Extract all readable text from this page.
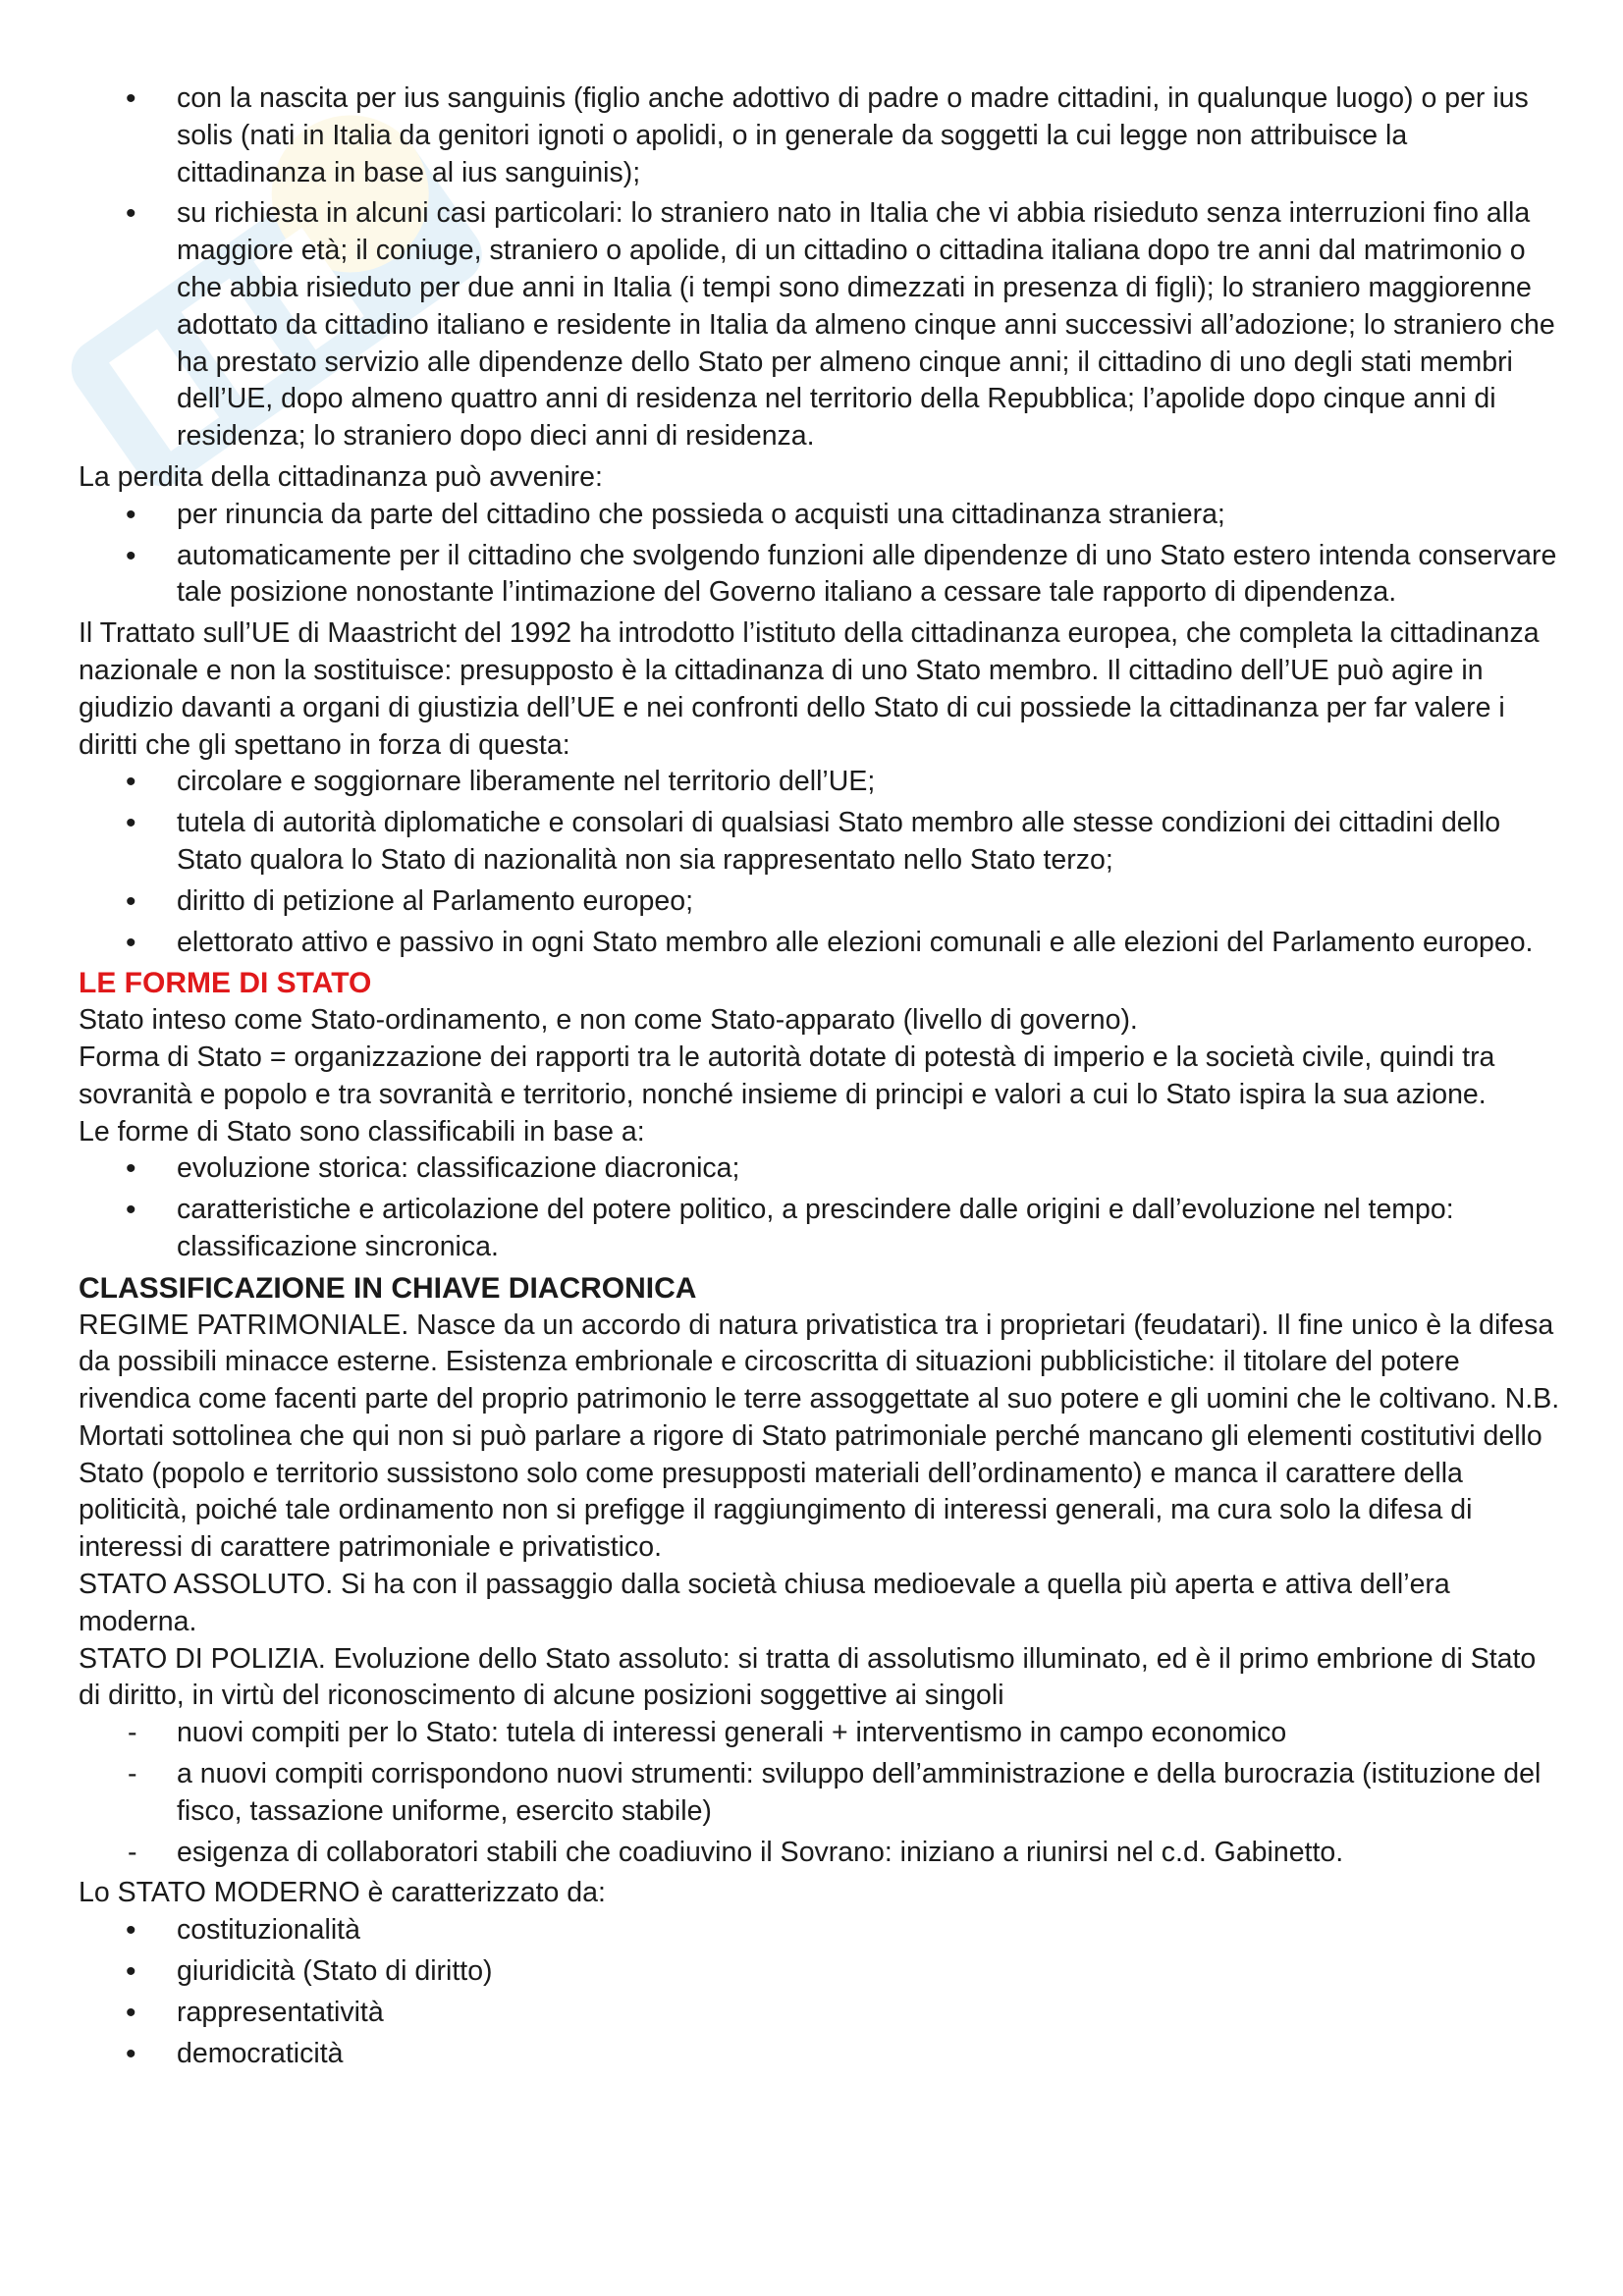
• con la nascita per ius sanguinis (figlio anche adottivo di padre o madre cittadini, in qualunque luogo) o per ius solis (nati in Italia da genitori ignoti o apolidi, o in generale da soggetti la cui legge non attribuisce la cittadinanza in base al ius sanguinis);
• su richiesta in alcuni casi particolari: lo straniero nato in Italia che vi abbia risieduto senza interruzioni fino alla maggiore età; il coniuge, straniero o apolide, di un cittadino o cittadina italiana dopo tre anni dal matrimonio o che abbia risieduto per due anni in Italia (i tempi sono dimezzati in presenza di figli); lo straniero maggiorenne adottato da cittadino italiano e residente in Italia da almeno cinque anni successivi all’adozione; lo straniero che ha prestato servizio alle dipendenze dello Stato per almeno cinque anni; il cittadino di uno degli stati membri dell’UE, dopo almeno quattro anni di residenza nel territorio della Repubblica; l’apolide dopo cinque anni di residenza; lo straniero dopo dieci anni di residenza.

La perdita della cittadinanza può avvenire:

• per rinuncia da parte del cittadino che possieda o acquisti una cittadinanza straniera;
• automaticamente per il cittadino che svolgendo funzioni alle dipendenze di uno Stato estero intenda conservare tale posizione nonostante l’intimazione del Governo italiano a cessare tale rapporto di dipendenza.

Il Trattato sull’UE di Maastricht del 1992 ha introdotto l’istituto della cittadinanza europea, che completa la cittadinanza nazionale e non la sostituisce: presupposto è la cittadinanza di uno Stato membro. Il cittadino dell’UE può agire in giudizio davanti a organi di giustizia dell’UE e nei confronti dello Stato di cui possiede la cittadinanza per far valere i diritti che gli spettano in forza di questa:

• circolare e soggiornare liberamente nel territorio dell’UE;
• tutela di autorità diplomatiche e consolari di qualsiasi Stato membro alle stesse condizioni dei cittadini dello Stato qualora lo Stato di nazionalità non sia rappresentato nello Stato terzo;
• diritto di petizione al Parlamento europeo;
• elettorato attivo e passivo in ogni Stato membro alle elezioni comunali e alle elezioni del Parlamento europeo.

LE FORME DI STATO

Stato inteso come Stato-ordinamento, e non come Stato-apparato (livello di governo).

Forma di Stato = organizzazione dei rapporti tra le autorità dotate di potestà di imperio e la società civile, quindi tra sovranità e popolo e tra sovranità e territorio, nonché insieme di principi e valori a cui lo Stato ispira la sua azione.

Le forme di Stato sono classificabili in base a:

• evoluzione storica: classificazione diacronica;
• caratteristiche e articolazione del potere politico, a prescindere dalle origini e dall’evoluzione nel tempo: classificazione sincronica.

CLASSIFICAZIONE IN CHIAVE DIACRONICA

REGIME PATRIMONIALE. Nasce da un accordo di natura privatistica tra i proprietari (feudatari). Il fine unico è la difesa da possibili minacce esterne. Esistenza embrionale e circoscritta di situazioni pubblicistiche: il titolare del potere rivendica come facenti parte del proprio patrimonio le terre assoggettate al suo potere e gli uomini che le coltivano. N.B. Mortati sottolinea che qui non si può parlare a rigore di Stato patrimoniale perché mancano gli elementi costitutivi dello Stato (popolo e territorio sussistono solo come presupposti materiali dell’ordinamento) e manca il carattere della politicità, poiché tale ordinamento non si prefigge il raggiungimento di interessi generali, ma cura solo la difesa di interessi di carattere patrimoniale e privatistico.

STATO ASSOLUTO. Si ha con il passaggio dalla società chiusa medioevale a quella più aperta e attiva dell’era moderna.

STATO DI POLIZIA. Evoluzione dello Stato assoluto: si tratta di assolutismo illuminato, ed è il primo embrione di Stato di diritto, in virtù del riconoscimento di alcune posizioni soggettive ai singoli

- nuovi compiti per lo Stato: tutela di interessi generali + interventismo in campo economico
- a nuovi compiti corrispondono nuovi strumenti: sviluppo dell’amministrazione e della burocrazia (istituzione del fisco, tassazione uniforme, esercito stabile)
- esigenza di collaboratori stabili che coadiuvino il Sovrano: iniziano a riunirsi nel c.d. Gabinetto.

Lo STATO MODERNO è caratterizzato da:

• costituzionalità
• giuridicità (Stato di diritto)
• rappresentatività
• democraticità
